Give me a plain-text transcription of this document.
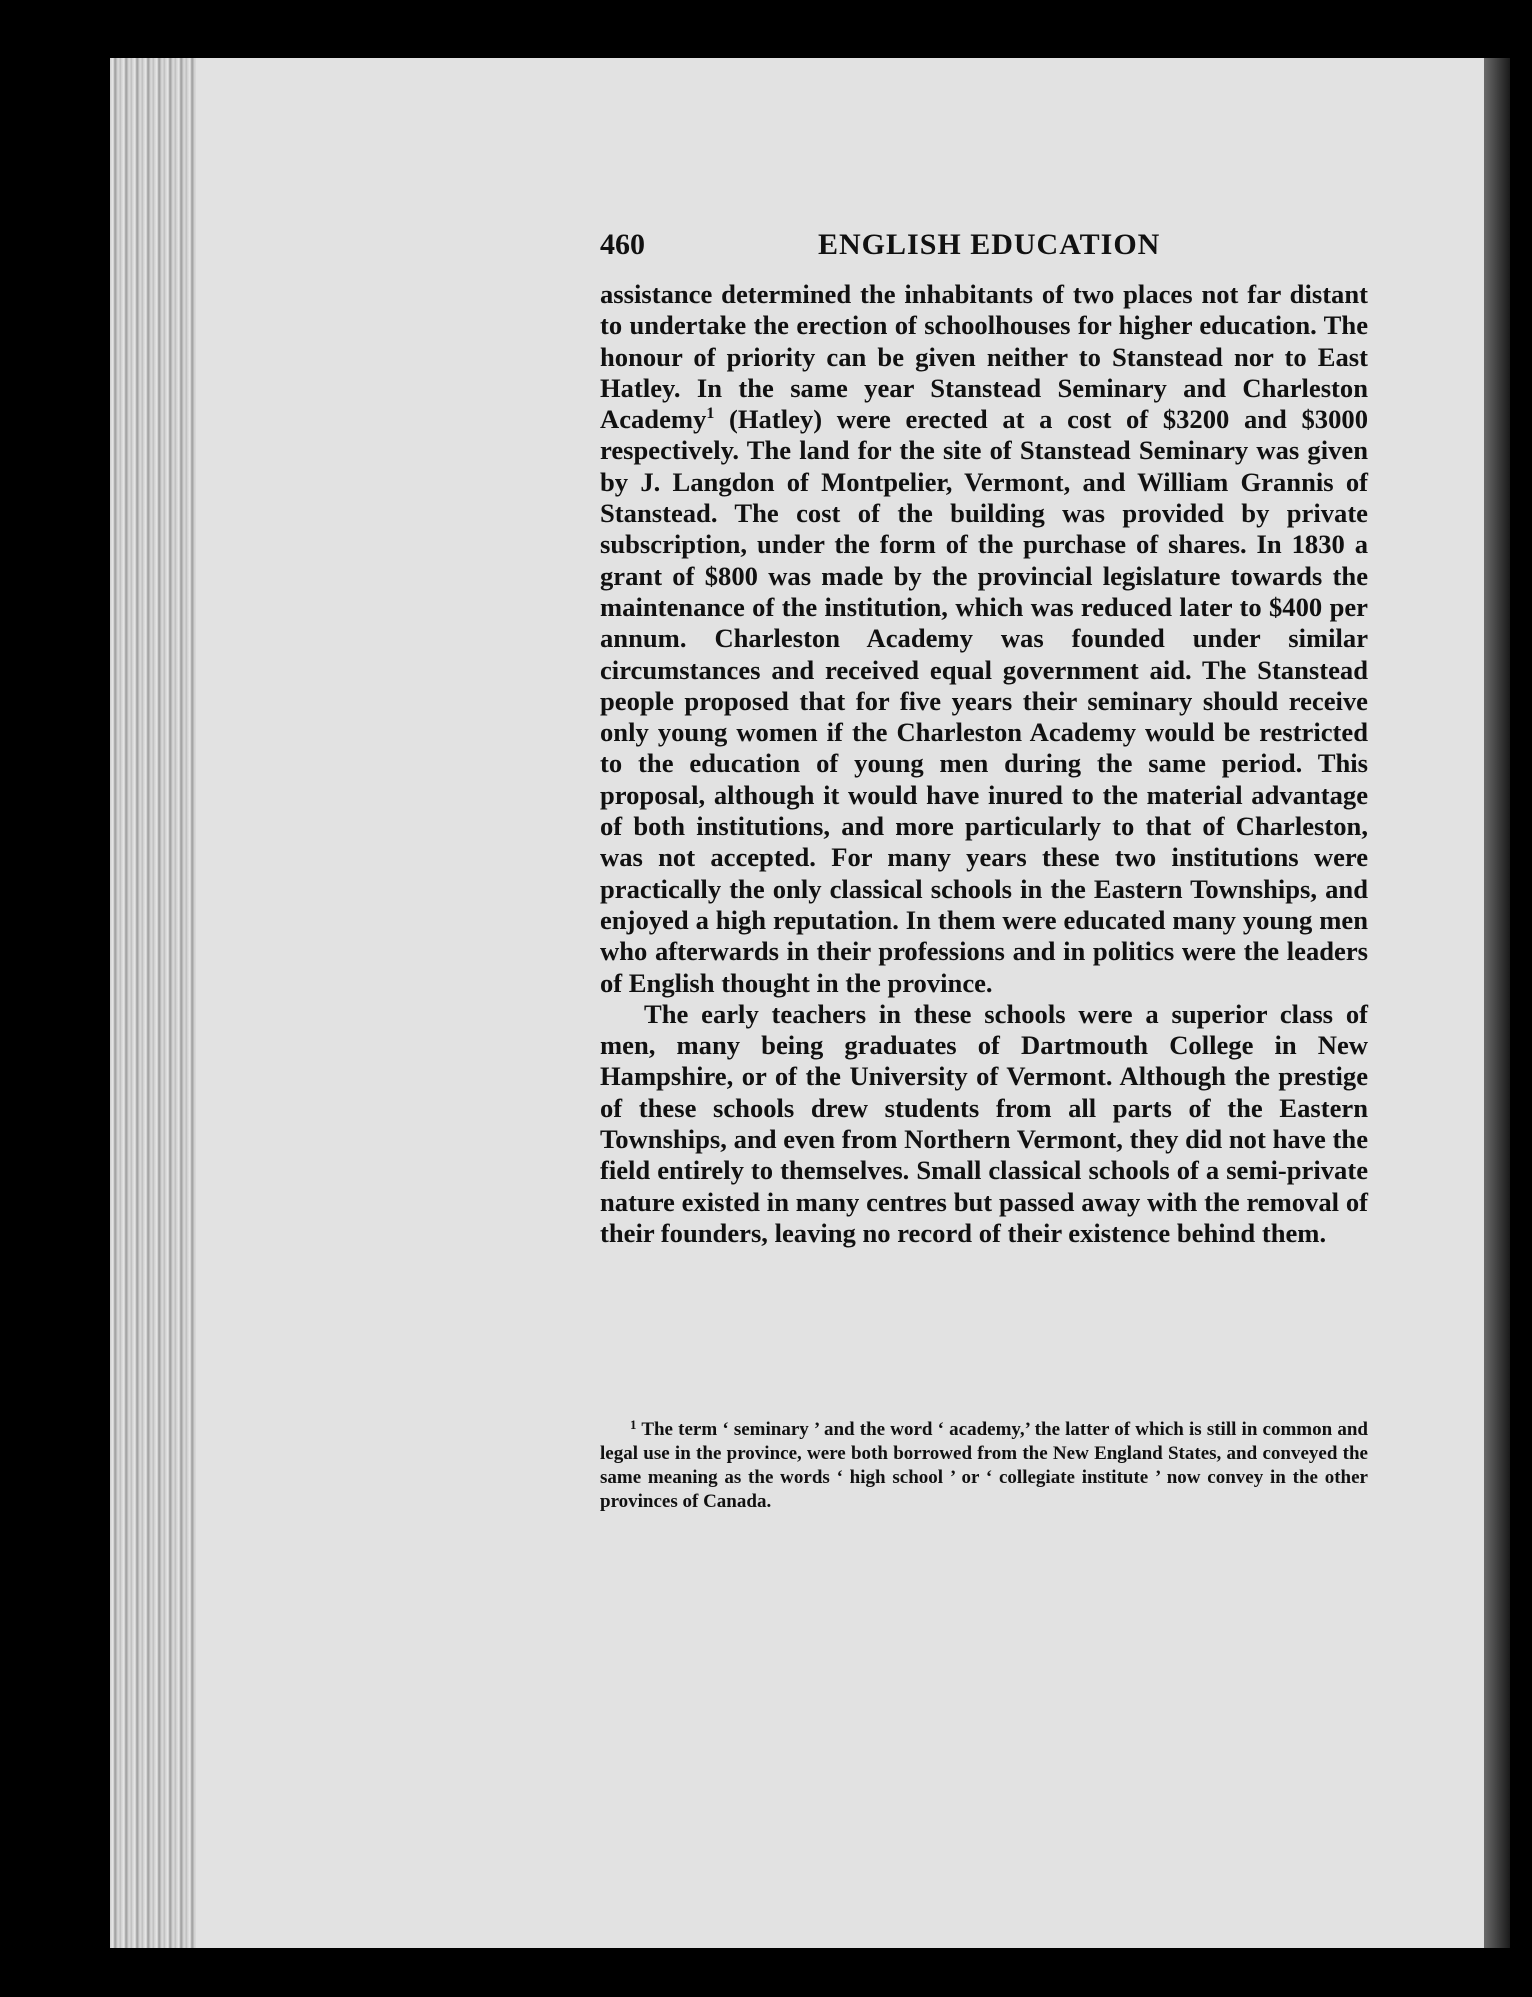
460	ENGLISH EDUCATION

assistance determined the inhabitants of two places not far distant to undertake the erection of schoolhouses for higher education. The honour of priority can be given neither to Stanstead nor to East Hatley. In the same year Stanstead Seminary and Charleston Academy$^1$ (Hatley) were erected at a cost of $3200 and $3000 respectively. The land for the site of Stanstead Seminary was given by J. Langdon of Montpelier, Vermont, and William Grannis of Stanstead. The cost of the building was provided by private subscription, under the form of the purchase of shares. In 1830 a grant of $800 was made by the provincial legislature towards the maintenance of the institution, which was reduced later to $400 per annum. Charleston Academy was founded under similar circumstances and received equal government aid. The Stanstead people proposed that for five years their seminary should receive only young women if the Charleston Academy would be restricted to the education of young men during the same period. This proposal, although it would have inured to the material advantage of both institutions, and more particularly to that of Charleston, was not accepted. For many years these two institutions were practically the only classical schools in the Eastern Townships, and enjoyed a high reputation. In them were educated many young men who afterwards in their professions and in politics were the leaders of English thought in the province.

The early teachers in these schools were a superior class of men, many being graduates of Dartmouth College in New Hampshire, or of the University of Vermont. Although the prestige of these schools drew students from all parts of the Eastern Townships, and even from Northern Vermont, they did not have the field entirely to themselves. Small classical schools of a semi-private nature existed in many centres but passed away with the removal of their founders, leaving no record of their existence behind them.

$^1$ The term ‘ seminary ’ and the word ‘ academy,’ the latter of which is still in common and legal use in the province, were both borrowed from the New England States, and conveyed the same meaning as the words ‘ high school ’ or ‘ collegiate institute ’ now convey in the other provinces of Canada.
